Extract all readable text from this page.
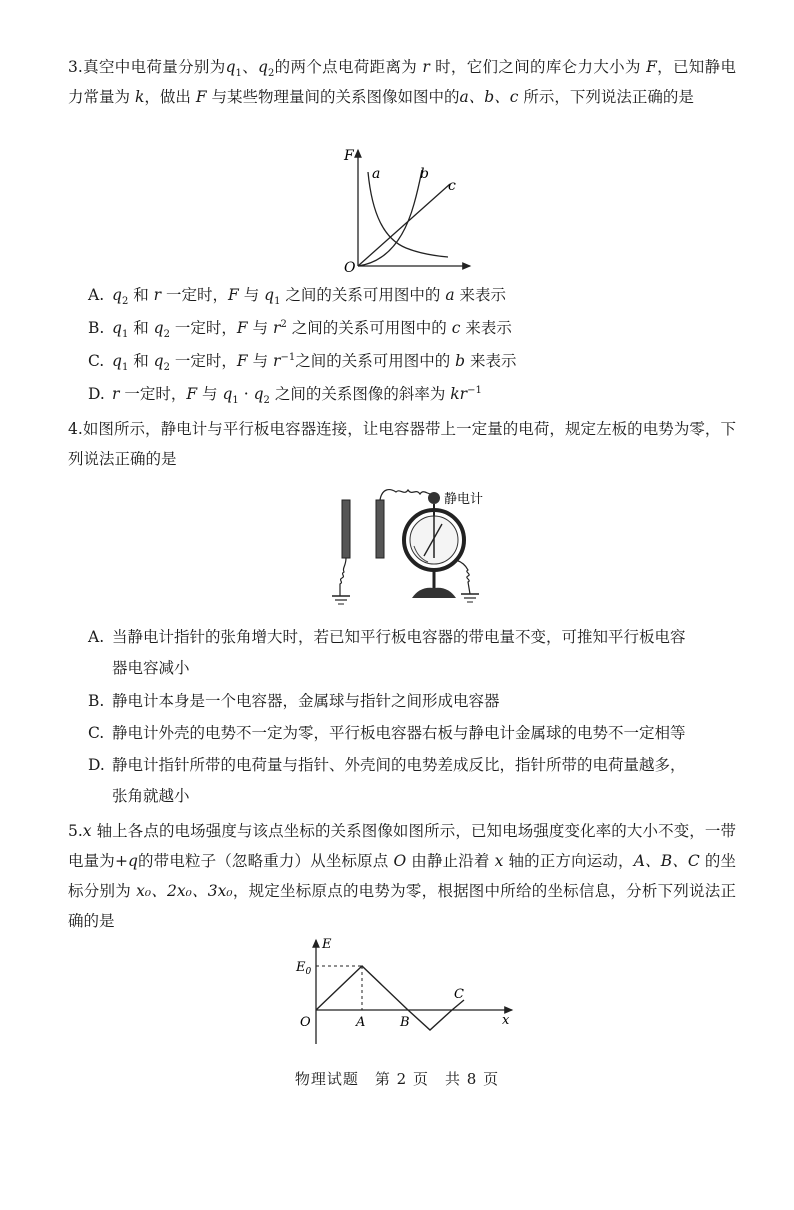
3.真空中电荷量分别为$q_1$、$q_2$的两个点电荷距离为 r 时，它们之间的库仑力大小为 F，已知静电力常量为 k，做出 F 与某些物理量间的关系图像如图中的a、b、c 所示，下列说法正确的是

F
O
a	b
c

A. $q_2$ 和 r 一定时，F 与 $q_1$ 之间的关系可用图中的 a 来表示

B. $q_1$ 和 $q_2$ 一定时，F 与 $r^2$ 之间的关系可用图中的 c 来表示

C. $q_1$ 和 $q_2$ 一定时，F 与 $r^{-1}$之间的关系可用图中的 b 来表示

D. r 一定时，F 与 $q_1 \cdot q_2$ 之间的关系图像的斜率为 $kr^{-1}$

4.如图所示，静电计与平行板电容器连接，让电容器带上一定量的电荷，规定左板的电势为零，下列说法正确的是

静电计

A. 当静电计指针的张角增大时，若已知平行板电容器的带电量不变，可推知平行板电容

器电容减小

B. 静电计本身是一个电容器，金属球与指针之间形成电容器

C. 静电计外壳的电势不一定为零，平行板电容器右板与静电计金属球的电势不一定相等

D. 静电计指针所带的电荷量与指针、外壳间的电势差成反比，指针所带的电荷量越多，

张角就越小

5.x 轴上各点的电场强度与该点坐标的关系图像如图所示，已知电场强度变化率的大小不变，一带电量为+q的带电粒子（忽略重力）从坐标原点 O 由静止沿着 x 轴的正方向运动，A、B、C 的坐标分别为 x₀、2x₀、3x₀，规定坐标原点的电势为零，根据图中所给的坐标信息，分析下列说法正确的是

E
x
$E_0$
O	A	B
C
物理试题　第 2 页　共 8 页
